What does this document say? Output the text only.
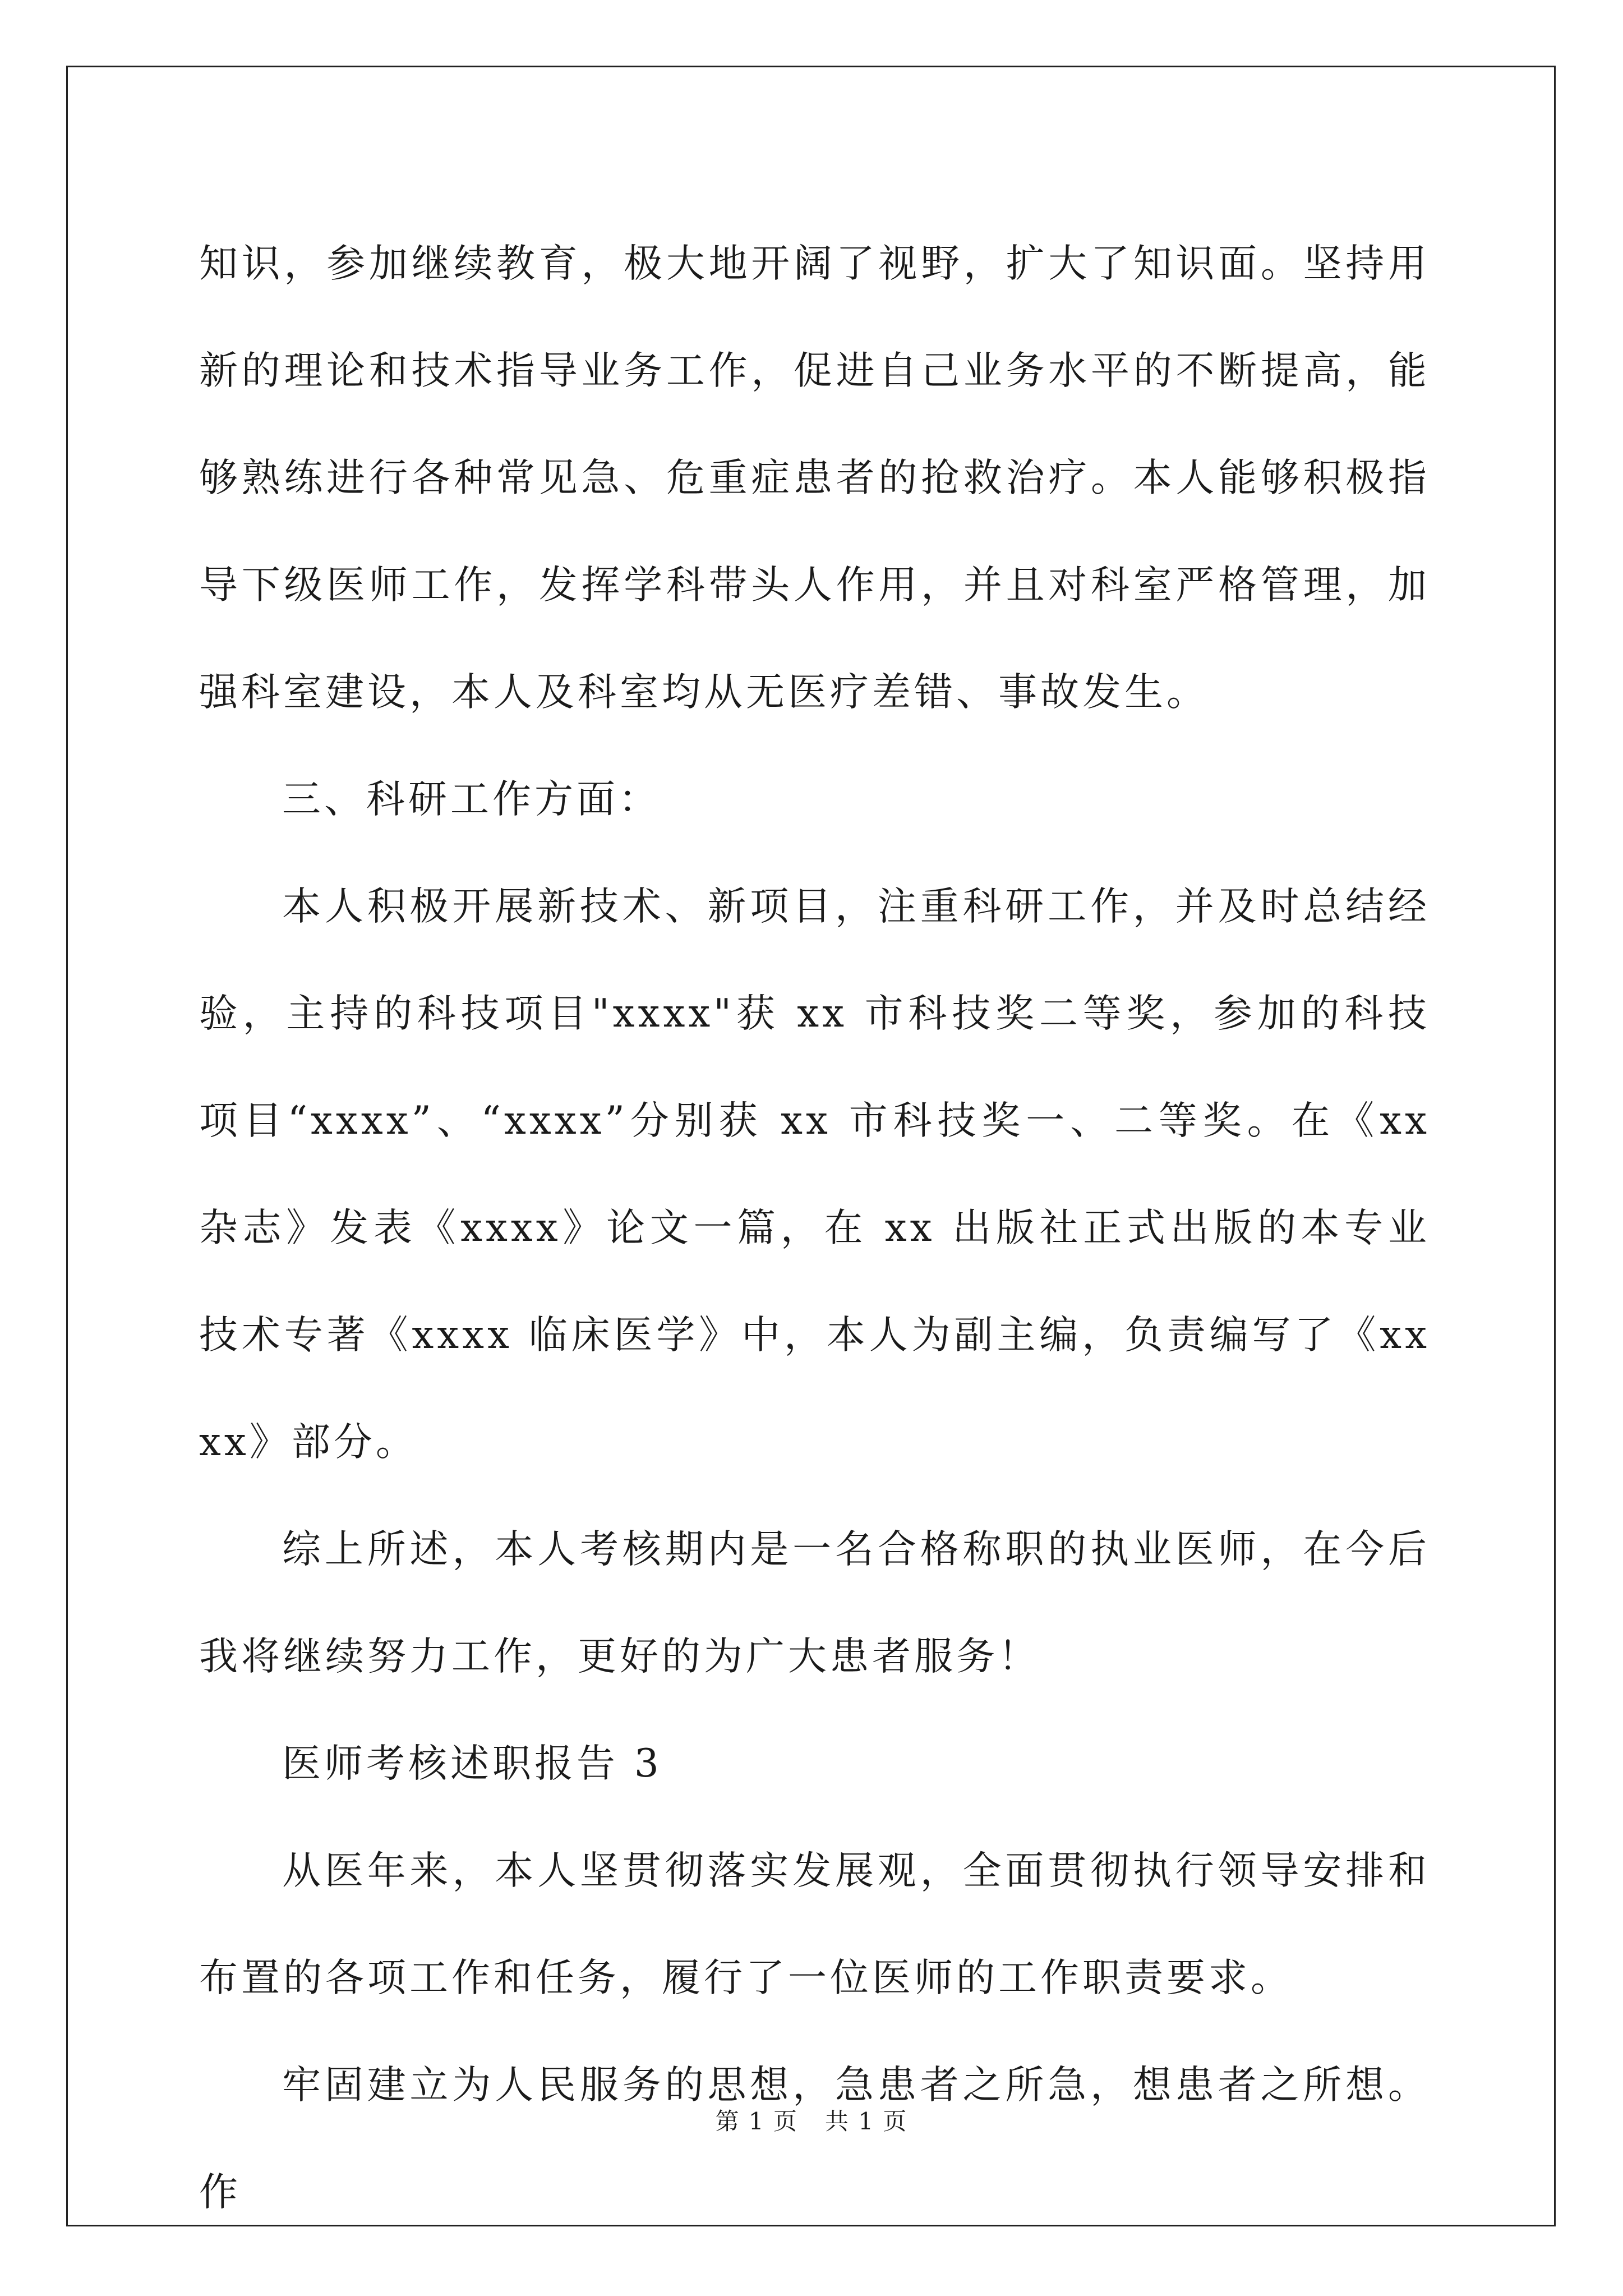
知识，参加继续教育，极大地开阔了视野，扩大了知识面。坚持用新的理论和技术指导业务工作，促进自己业务水平的不断提高，能够熟练进行各种常见急、危重症患者的抢救治疗。本人能够积极指导下级医师工作，发挥学科带头人作用，并且对科室严格管理，加强科室建设，本人及科室均从无医疗差错、事故发生。

三、科研工作方面：

本人积极开展新技术、新项目，注重科研工作，并及时总结经验，主持的科技项目"xxxx"获 xx 市科技奖二等奖，参加的科技项目“xxxx”、“xxxx”分别获 xx 市科技奖一、二等奖。在《xx 杂志》发表《xxxx》论文一篇，在 xx 出版社正式出版的本专业技术专著《xxxx 临床医学》中，本人为副主编，负责编写了《xxxx》部分。

综上所述，本人考核期内是一名合格称职的执业医师，在今后我将继续努力工作，更好的为广大患者服务！

医师考核述职报告 3

从医年来，本人坚贯彻落实发展观，全面贯彻执行领导安排和布置的各项工作和任务，履行了一位医师的工作职责要求。

牢固建立为人民服务的思想，急患者之所急，想患者之所想。作

第 1 页 共 1 页
